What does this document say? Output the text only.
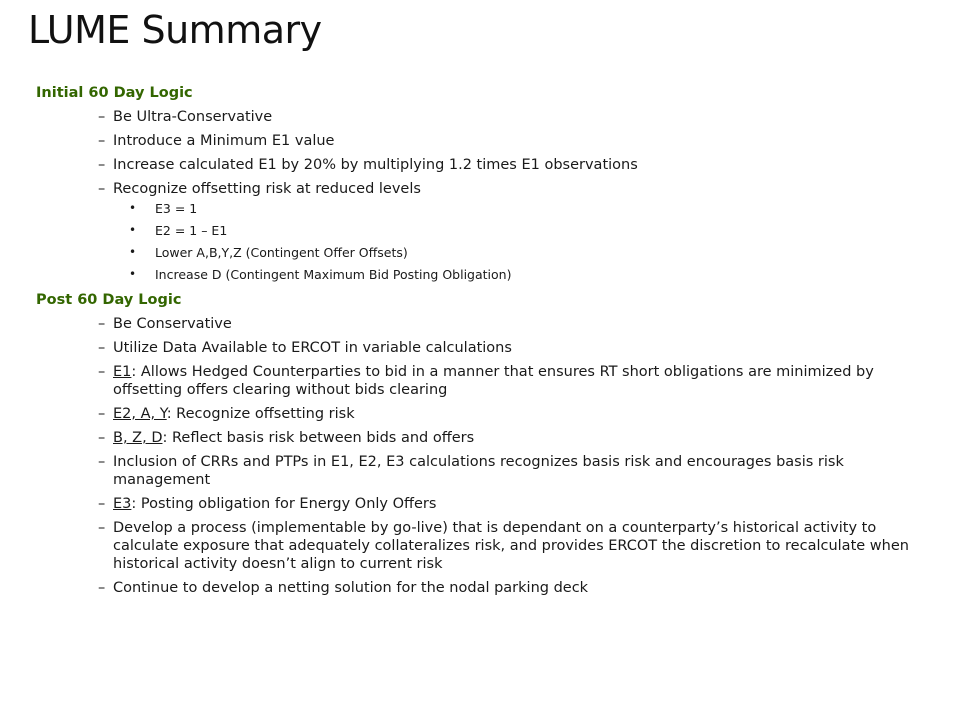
LUME Summary
Initial 60 Day Logic
– Be Ultra-Conservative
– Introduce a Minimum E1 value
– Increase calculated E1 by 20% by multiplying 1.2 times E1 observations
– Recognize offsetting risk at reduced levels
• E3 = 1
• E2 = 1 – E1
• Lower A,B,Y,Z (Contingent Offer Offsets)
• Increase D (Contingent Maximum Bid Posting Obligation)
Post 60 Day Logic
– Be Conservative
– Utilize Data Available to ERCOT in variable calculations
– E1: Allows Hedged Counterparties to bid in a manner that ensures RT short obligations are minimized by offsetting offers clearing without bids clearing
– E2, A, Y: Recognize offsetting risk
– B, Z, D: Reflect basis risk between bids and offers
– Inclusion of CRRs and PTPs in E1, E2, E3 calculations recognizes basis risk and encourages basis risk management
– E3: Posting obligation for Energy Only Offers
– Develop a process (implementable by go-live) that is dependant on a counterparty’s historical activity to calculate exposure that adequately collateralizes risk, and provides ERCOT the discretion to recalculate when historical activity doesn’t align to current risk
– Continue to develop a netting solution for the nodal parking deck
